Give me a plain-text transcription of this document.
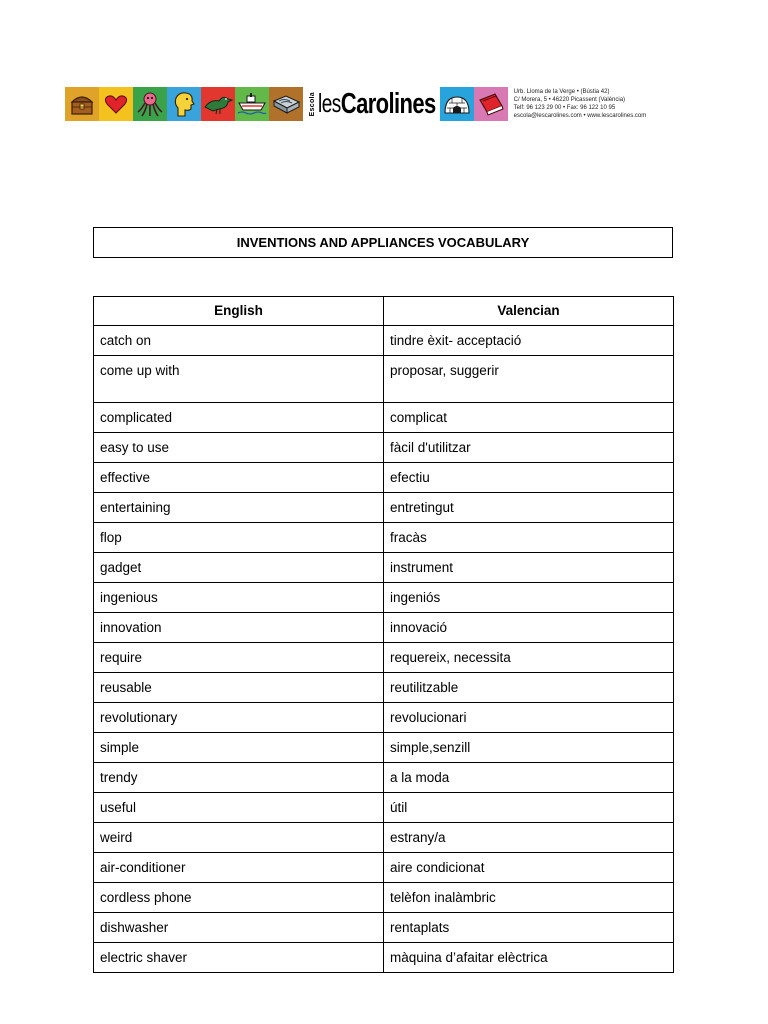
Escola les Carolines	Urb. Lloma de la Verge • (Bústia 42)
C/ Morera, 5 • 46220 Picassent (València)
Telf: 96 123 29 00 • Fax: 96 122 10 95
escola@lescarolines.com • www.lescarolines.com
INVENTIONS AND APPLIANCES VOCABULARY
English	Valencian
catch on	tindre èxit- acceptació
come up with	proposar, suggerir
complicated	complicat
easy to use	fàcil d'utilitzar
effective	efectiu
entertaining	entretingut
flop	fracàs
gadget	instrument
ingenious	ingeniós
innovation	innovació
require	requereix, necessita
reusable	reutilitzable
revolutionary	revolucionari
simple	simple,senzill
trendy	a la moda
useful	útil
weird	estrany/a
air-conditioner	aire condicionat
cordless phone	telèfon inalàmbric
dishwasher	rentaplats
electric shaver	màquina d’afaitar elèctrica
